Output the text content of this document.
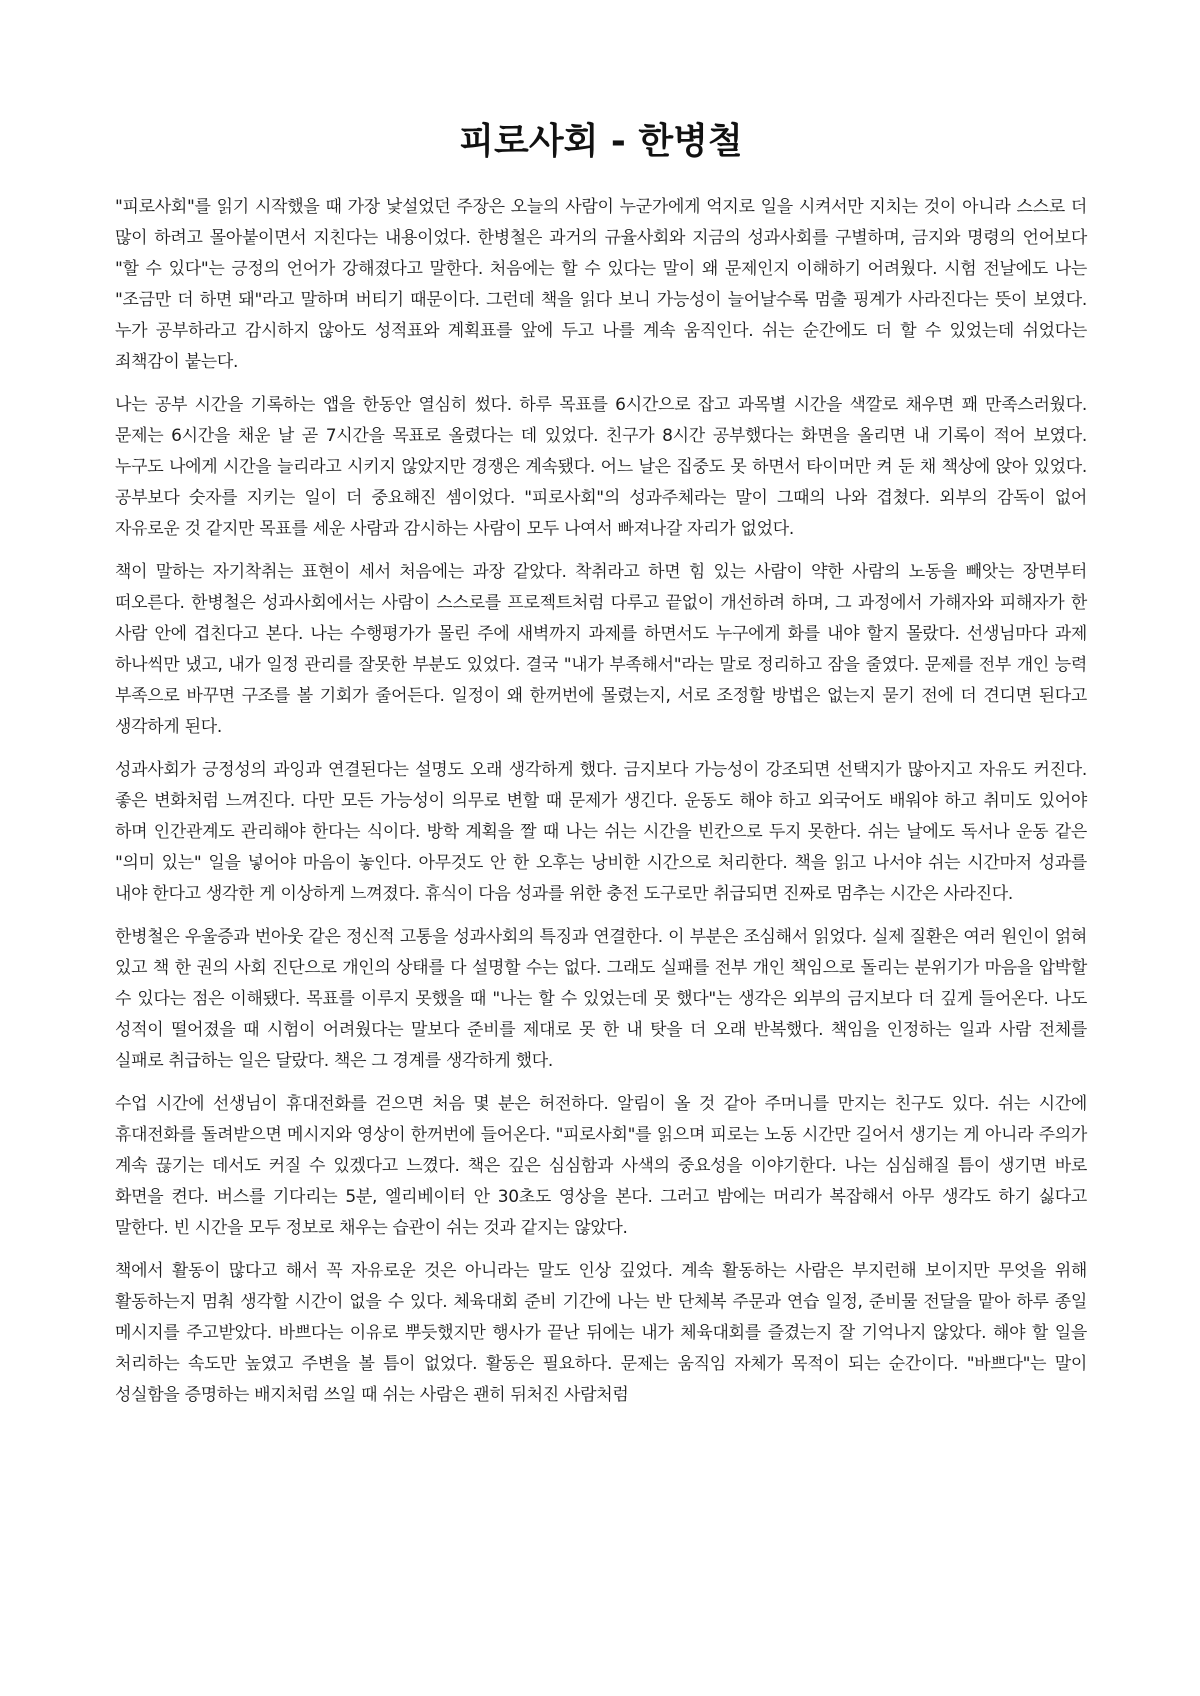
피로사회 - 한병철

"피로사회"를 읽기 시작했을 때 가장 낯설었던 주장은 오늘의 사람이 누군가에게 억지로 일을 시켜서만 지치는 것이 아니라 스스로 더 많이 하려고 몰아붙이면서 지친다는 내용이었다. 한병철은 과거의 규율사회와 지금의 성과사회를 구별하며, 금지와 명령의 언어보다 "할 수 있다"는 긍정의 언어가 강해졌다고 말한다. 처음에는 할 수 있다는 말이 왜 문제인지 이해하기 어려웠다. 시험 전날에도 나는 "조금만 더 하면 돼"라고 말하며 버티기 때문이다. 그런데 책을 읽다 보니 가능성이 늘어날수록 멈출 핑계가 사라진다는 뜻이 보였다. 누가 공부하라고 감시하지 않아도 성적표와 계획표를 앞에 두고 나를 계속 움직인다. 쉬는 순간에도 더 할 수 있었는데 쉬었다는 죄책감이 붙는다.

나는 공부 시간을 기록하는 앱을 한동안 열심히 썼다. 하루 목표를 6시간으로 잡고 과목별 시간을 색깔로 채우면 꽤 만족스러웠다. 문제는 6시간을 채운 날 곧 7시간을 목표로 올렸다는 데 있었다. 친구가 8시간 공부했다는 화면을 올리면 내 기록이 적어 보였다. 누구도 나에게 시간을 늘리라고 시키지 않았지만 경쟁은 계속됐다. 어느 날은 집중도 못 하면서 타이머만 켜 둔 채 책상에 앉아 있었다. 공부보다 숫자를 지키는 일이 더 중요해진 셈이었다. "피로사회"의 성과주체라는 말이 그때의 나와 겹쳤다. 외부의 감독이 없어 자유로운 것 같지만 목표를 세운 사람과 감시하는 사람이 모두 나여서 빠져나갈 자리가 없었다.

책이 말하는 자기착취는 표현이 세서 처음에는 과장 같았다. 착취라고 하면 힘 있는 사람이 약한 사람의 노동을 빼앗는 장면부터 떠오른다. 한병철은 성과사회에서는 사람이 스스로를 프로젝트처럼 다루고 끝없이 개선하려 하며, 그 과정에서 가해자와 피해자가 한 사람 안에 겹친다고 본다. 나는 수행평가가 몰린 주에 새벽까지 과제를 하면서도 누구에게 화를 내야 할지 몰랐다. 선생님마다 과제 하나씩만 냈고, 내가 일정 관리를 잘못한 부분도 있었다. 결국 "내가 부족해서"라는 말로 정리하고 잠을 줄였다. 문제를 전부 개인 능력 부족으로 바꾸면 구조를 볼 기회가 줄어든다. 일정이 왜 한꺼번에 몰렸는지, 서로 조정할 방법은 없는지 묻기 전에 더 견디면 된다고 생각하게 된다.

성과사회가 긍정성의 과잉과 연결된다는 설명도 오래 생각하게 했다. 금지보다 가능성이 강조되면 선택지가 많아지고 자유도 커진다. 좋은 변화처럼 느껴진다. 다만 모든 가능성이 의무로 변할 때 문제가 생긴다. 운동도 해야 하고 외국어도 배워야 하고 취미도 있어야 하며 인간관계도 관리해야 한다는 식이다. 방학 계획을 짤 때 나는 쉬는 시간을 빈칸으로 두지 못한다. 쉬는 날에도 독서나 운동 같은 "의미 있는" 일을 넣어야 마음이 놓인다. 아무것도 안 한 오후는 낭비한 시간으로 처리한다. 책을 읽고 나서야 쉬는 시간마저 성과를 내야 한다고 생각한 게 이상하게 느껴졌다. 휴식이 다음 성과를 위한 충전 도구로만 취급되면 진짜로 멈추는 시간은 사라진다.

한병철은 우울증과 번아웃 같은 정신적 고통을 성과사회의 특징과 연결한다. 이 부분은 조심해서 읽었다. 실제 질환은 여러 원인이 얽혀 있고 책 한 권의 사회 진단으로 개인의 상태를 다 설명할 수는 없다. 그래도 실패를 전부 개인 책임으로 돌리는 분위기가 마음을 압박할 수 있다는 점은 이해됐다. 목표를 이루지 못했을 때 "나는 할 수 있었는데 못 했다"는 생각은 외부의 금지보다 더 깊게 들어온다. 나도 성적이 떨어졌을 때 시험이 어려웠다는 말보다 준비를 제대로 못 한 내 탓을 더 오래 반복했다. 책임을 인정하는 일과 사람 전체를 실패로 취급하는 일은 달랐다. 책은 그 경계를 생각하게 했다.

수업 시간에 선생님이 휴대전화를 걷으면 처음 몇 분은 허전하다. 알림이 올 것 같아 주머니를 만지는 친구도 있다. 쉬는 시간에 휴대전화를 돌려받으면 메시지와 영상이 한꺼번에 들어온다. "피로사회"를 읽으며 피로는 노동 시간만 길어서 생기는 게 아니라 주의가 계속 끊기는 데서도 커질 수 있겠다고 느꼈다. 책은 깊은 심심함과 사색의 중요성을 이야기한다. 나는 심심해질 틈이 생기면 바로 화면을 켠다. 버스를 기다리는 5분, 엘리베이터 안 30초도 영상을 본다. 그러고 밤에는 머리가 복잡해서 아무 생각도 하기 싫다고 말한다. 빈 시간을 모두 정보로 채우는 습관이 쉬는 것과 같지는 않았다.

책에서 활동이 많다고 해서 꼭 자유로운 것은 아니라는 말도 인상 깊었다. 계속 활동하는 사람은 부지런해 보이지만 무엇을 위해 활동하는지 멈춰 생각할 시간이 없을 수 있다. 체육대회 준비 기간에 나는 반 단체복 주문과 연습 일정, 준비물 전달을 맡아 하루 종일 메시지를 주고받았다. 바쁘다는 이유로 뿌듯했지만 행사가 끝난 뒤에는 내가 체육대회를 즐겼는지 잘 기억나지 않았다. 해야 할 일을 처리하는 속도만 높였고 주변을 볼 틈이 없었다. 활동은 필요하다. 문제는 움직임 자체가 목적이 되는 순간이다. "바쁘다"는 말이 성실함을 증명하는 배지처럼 쓰일 때 쉬는 사람은 괜히 뒤처진 사람처럼
